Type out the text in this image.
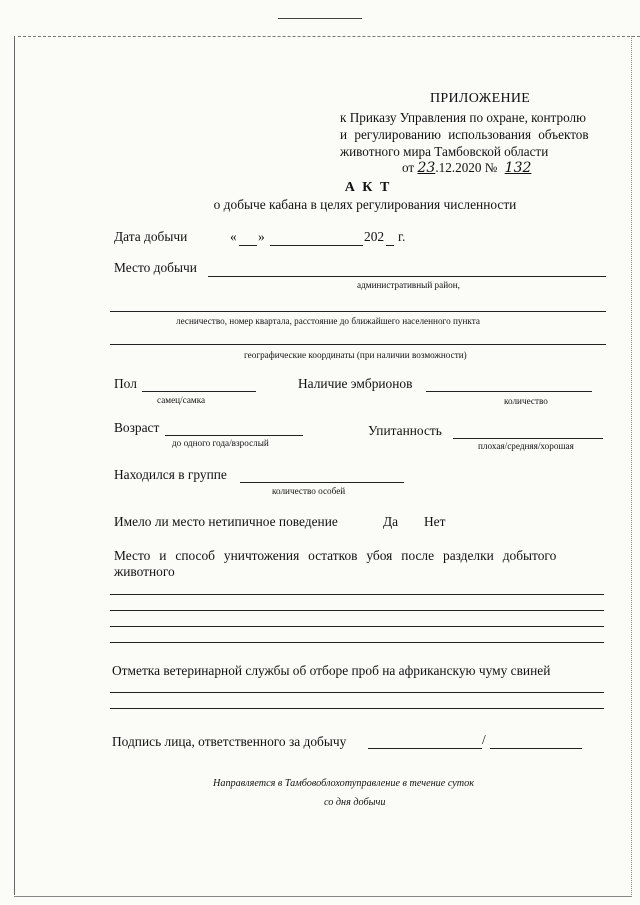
ПРИЛОЖЕНИЕ
к Приказу Управления по охране, контролю
и регулированию использования объектов
животного мира Тамбовской области
от 23.12.2020 № 132
А К Т
о добыче кабана в целях регулирования численности
Дата добычи	« »	202 г.
Место добычи
административный район,
лесничество, номер квартала, расстояние до ближайшего населенного пункта
географические координаты (при наличии возможности)
Пол
самец/самка
Наличие эмбрионов
количество
Возраст
до одного года/взрослый
Упитанность
плохая/средняя/хорошая
Находился в группе
количество особей
Имело ли место нетипичное поведение	Да Нет
Место и способ уничтожения остатков убоя после разделки добытого
животного
Отметка ветеринарной службы об отборе проб на африканскую чуму свиней
Подпись лица, ответственного за добычу	/
Направляется в Тамбовоблохотуправление в течение суток
со дня добычи
